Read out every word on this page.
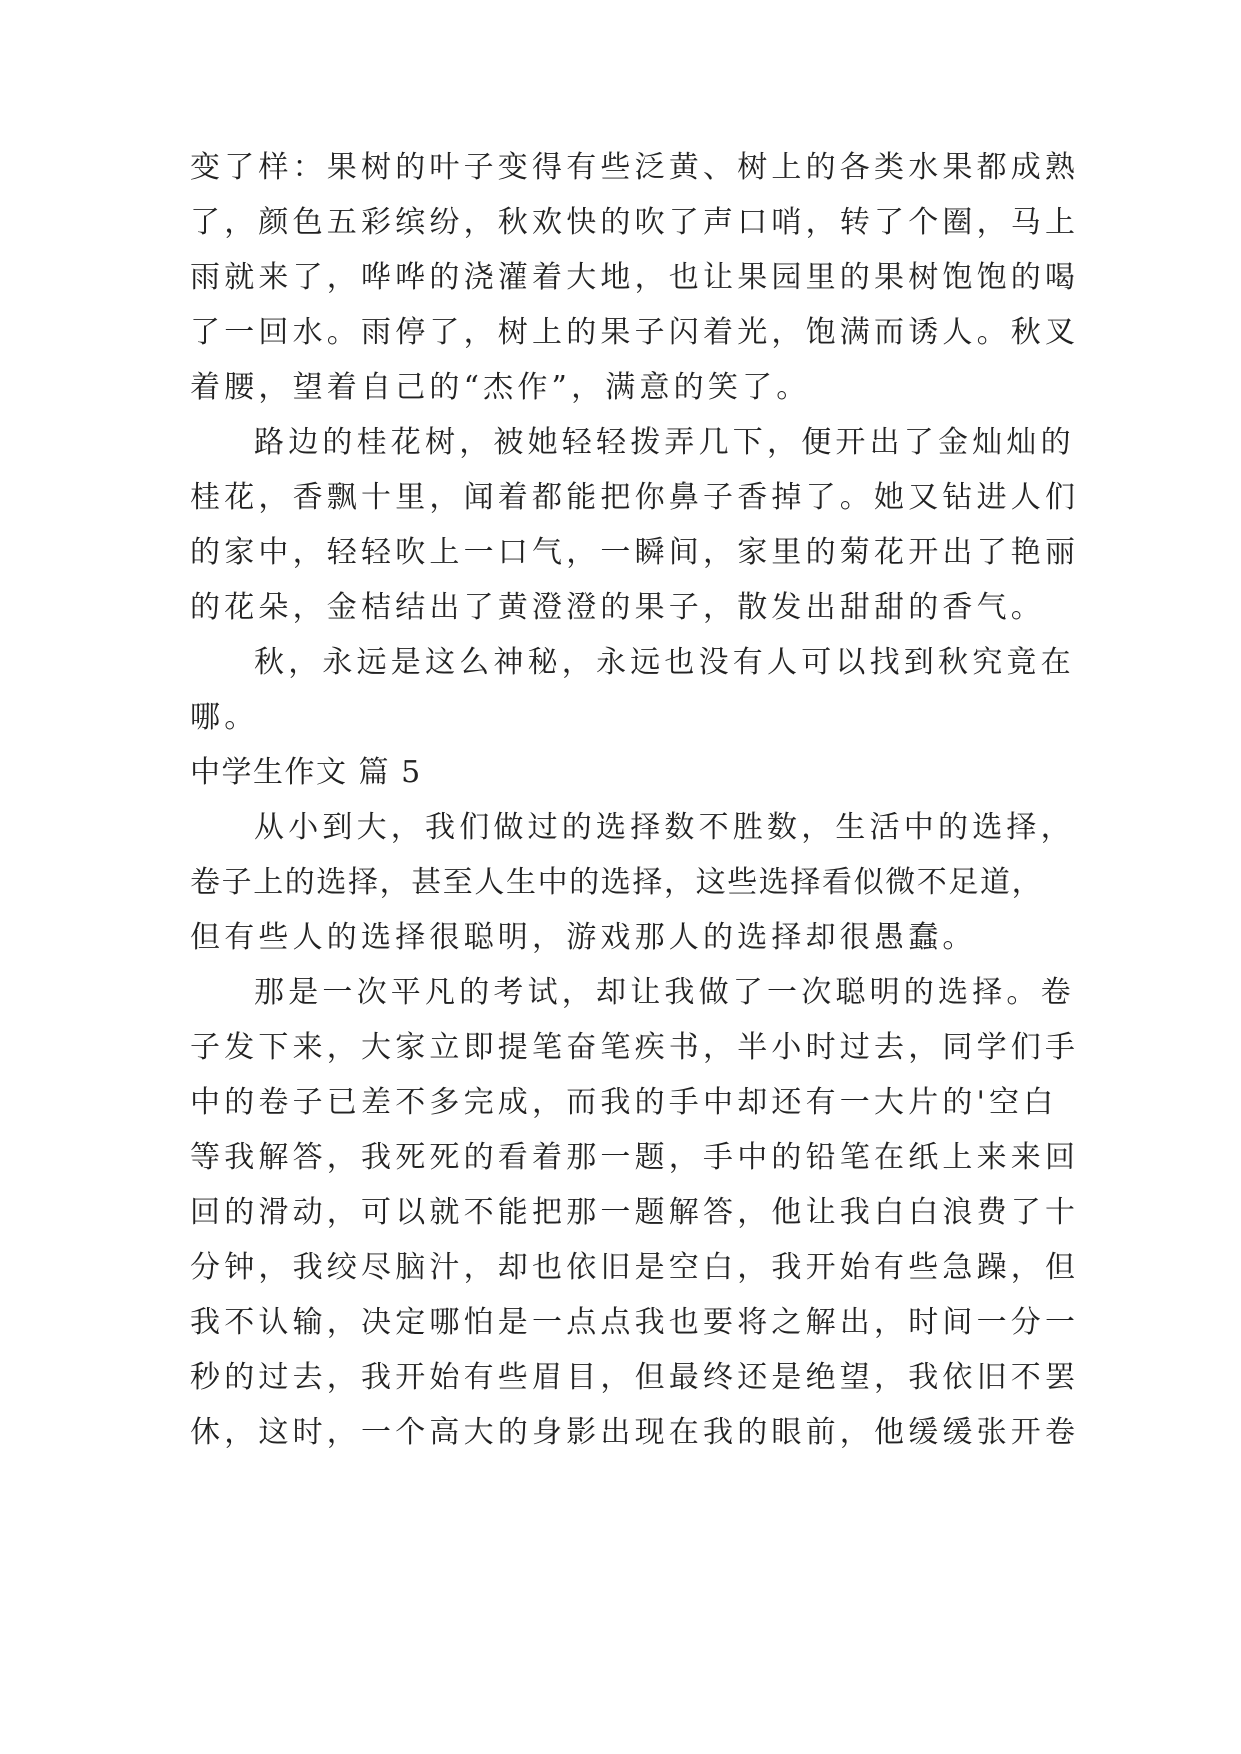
变了样：果树的叶子变得有些泛黄、树上的各类水果都成熟
了，颜色五彩缤纷，秋欢快的吹了声口哨，转了个圈，马上
雨就来了，哗哗的浇灌着大地，也让果园里的果树饱饱的喝
了一回水。雨停了，树上的果子闪着光，饱满而诱人。秋叉
着腰，望着自己的“杰作”，满意的笑了。
路边的桂花树，被她轻轻拨弄几下，便开出了金灿灿的
桂花，香飘十里，闻着都能把你鼻子香掉了。她又钻进人们
的家中，轻轻吹上一口气，一瞬间，家里的菊花开出了艳丽
的花朵，金桔结出了黄澄澄的果子，散发出甜甜的香气。
秋，永远是这么神秘，永远也没有人可以找到秋究竟在
哪。
中学生作文 篇 5
从小到大，我们做过的选择数不胜数，生活中的选择，
卷子上的选择，甚至人生中的选择，这些选择看似微不足道，
但有些人的选择很聪明，游戏那人的选择却很愚蠢。
那是一次平凡的考试，却让我做了一次聪明的选择。卷
子发下来，大家立即提笔奋笔疾书，半小时过去，同学们手
中的卷子已差不多完成，而我的手中却还有一大片的'空白
等我解答，我死死的看着那一题，手中的铅笔在纸上来来回
回的滑动，可以就不能把那一题解答，他让我白白浪费了十
分钟，我绞尽脑汁，却也依旧是空白，我开始有些急躁，但
我不认输，决定哪怕是一点点我也要将之解出，时间一分一
秒的过去，我开始有些眉目，但最终还是绝望，我依旧不罢
休，这时，一个高大的身影出现在我的眼前，他缓缓张开卷
